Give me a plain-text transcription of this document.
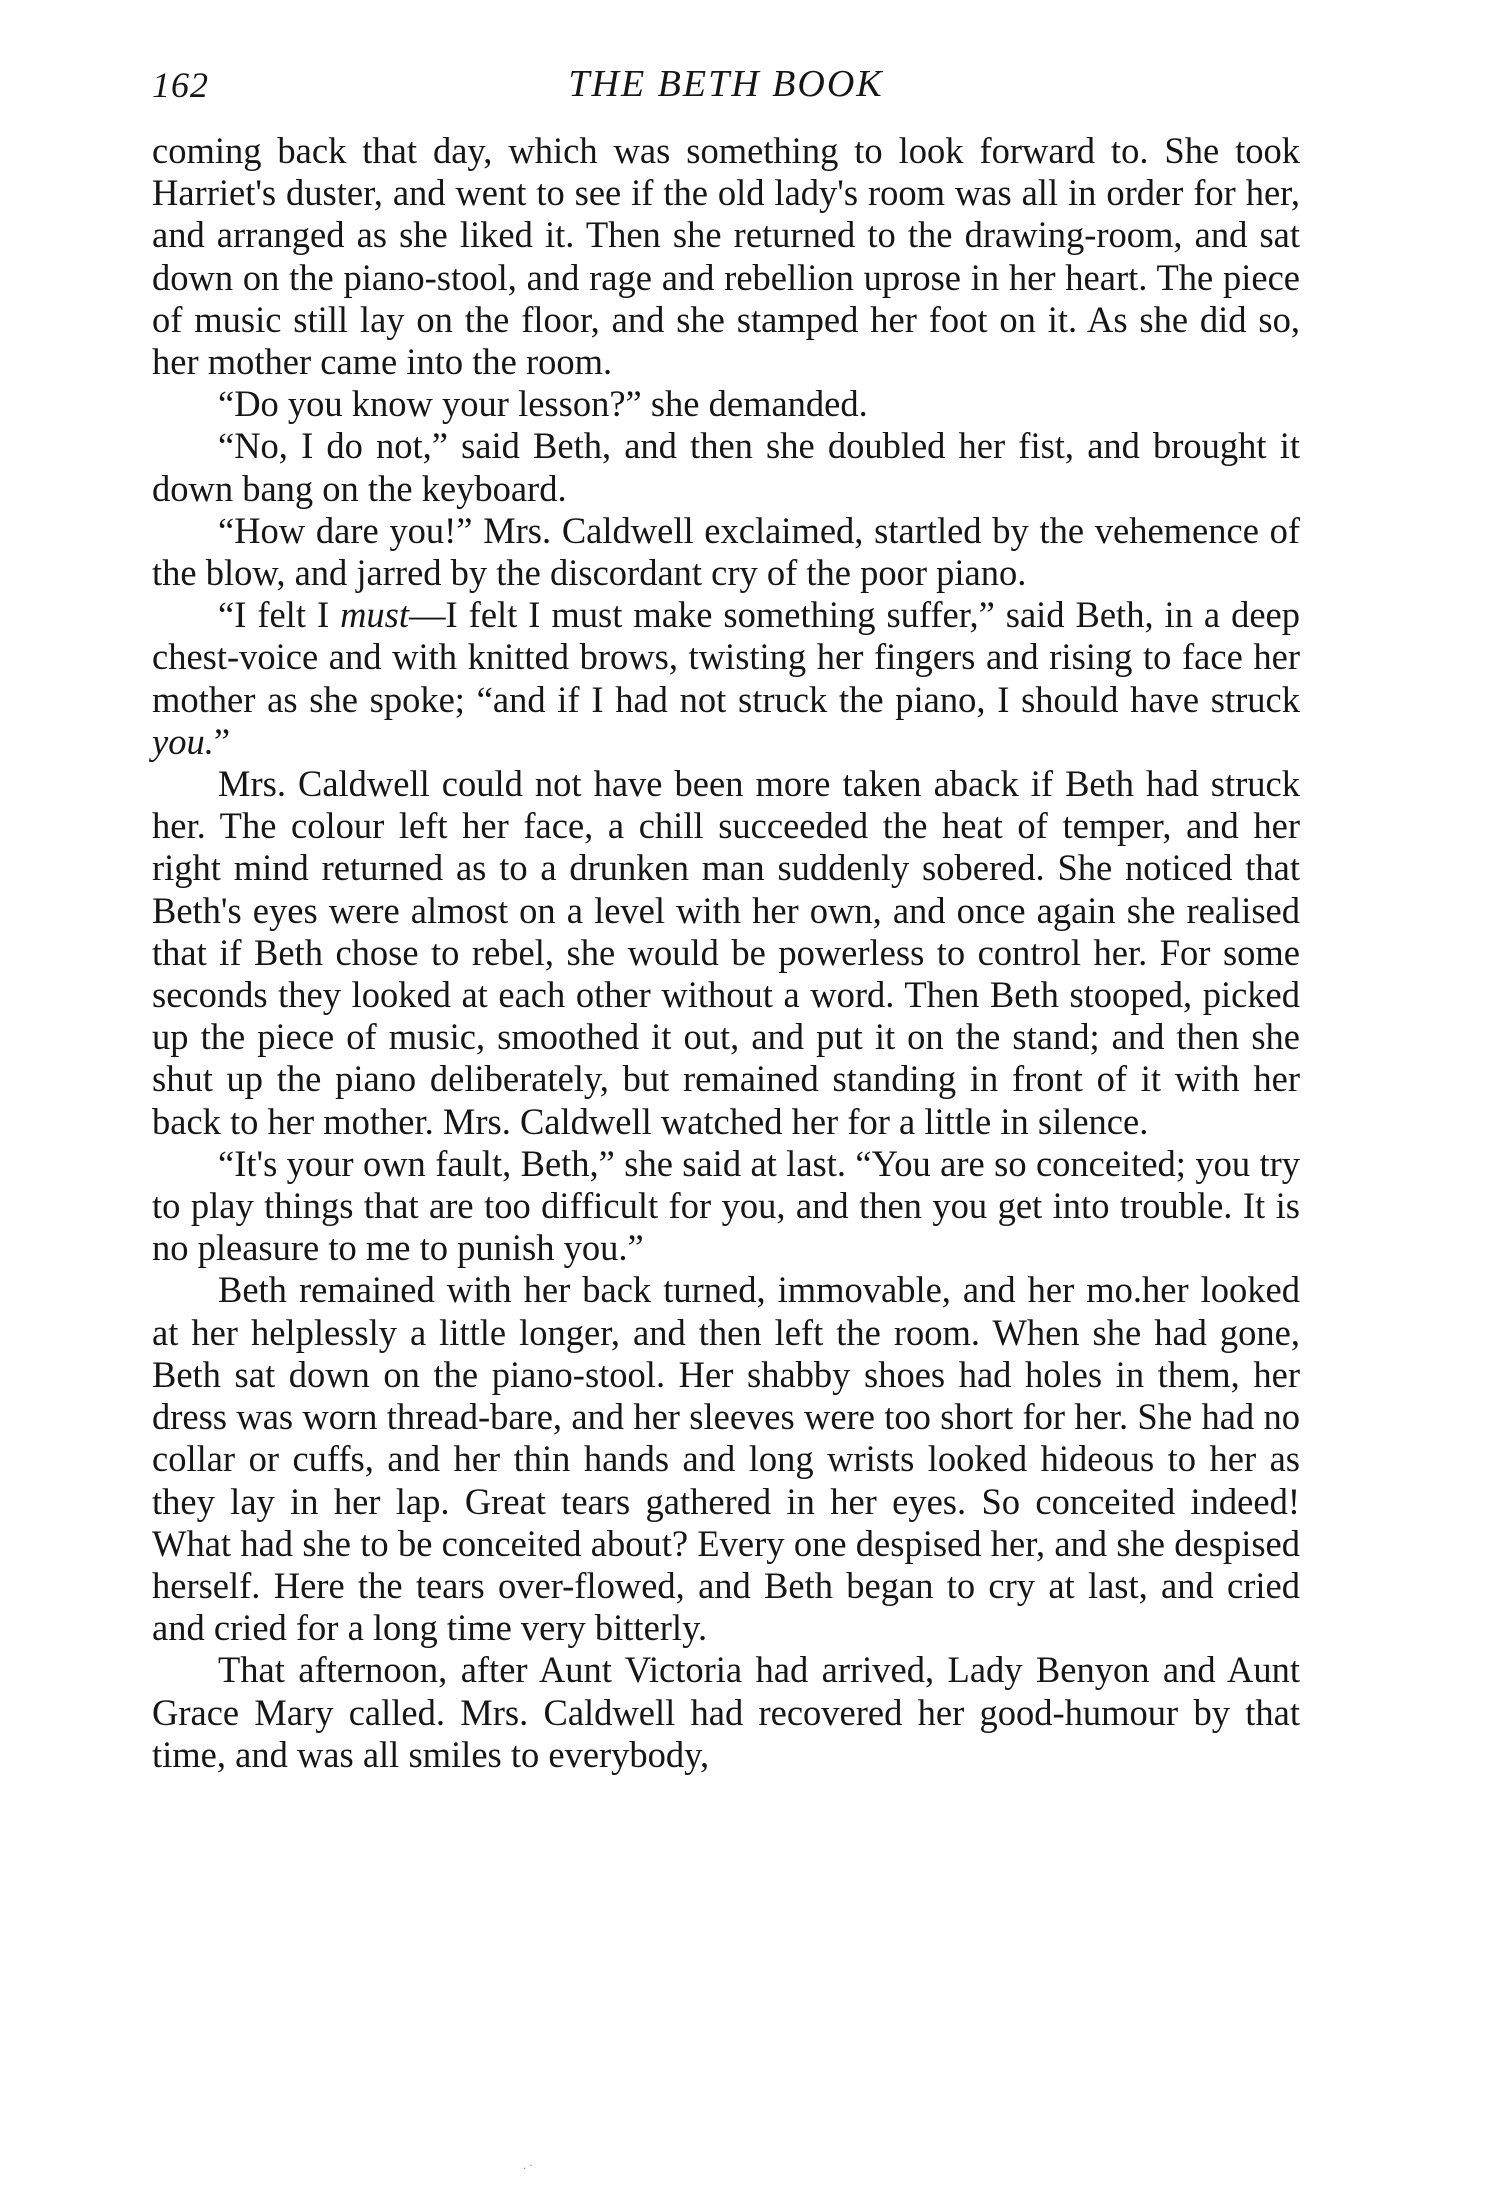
162	THE BETH BOOK

coming back that day, which was something to look forward to. She took Harriet's duster, and went to see if the old lady's room was all in order for her, and arranged as she liked it. Then she returned to the drawing-room, and sat down on the piano-stool, and rage and rebellion uprose in her heart. The piece of music still lay on the floor, and she stamped her foot on it. As she did so, her mother came into the room.

“Do you know your lesson?” she demanded.

“No, I do not,” said Beth, and then she doubled her fist, and brought it down bang on the keyboard.

“How dare you!” Mrs. Caldwell exclaimed, startled by the vehemence of the blow, and jarred by the discordant cry of the poor piano.

“I felt I must—I felt I must make something suffer,” said Beth, in a deep chest-voice and with knitted brows, twisting her fingers and rising to face her mother as she spoke; “and if I had not struck the piano, I should have struck you.”

Mrs. Caldwell could not have been more taken aback if Beth had struck her. The colour left her face, a chill succeeded the heat of temper, and her right mind returned as to a drunken man suddenly sobered. She noticed that Beth's eyes were almost on a level with her own, and once again she realised that if Beth chose to rebel, she would be powerless to control her. For some seconds they looked at each other without a word. Then Beth stooped, picked up the piece of music, smoothed it out, and put it on the stand; and then she shut up the piano deliberately, but remained standing in front of it with her back to her mother. Mrs. Caldwell watched her for a little in silence.

“It's your own fault, Beth,” she said at last. “You are so conceited; you try to play things that are too difficult for you, and then you get into trouble. It is no pleasure to me to punish you.”

Beth remained with her back turned, immovable, and her mo.her looked at her helplessly a little longer, and then left the room. When she had gone, Beth sat down on the piano-stool. Her shabby shoes had holes in them, her dress was worn thread-bare, and her sleeves were too short for her. She had no collar or cuffs, and her thin hands and long wrists looked hideous to her as they lay in her lap. Great tears gathered in her eyes. So conceited indeed! What had she to be conceited about? Every one despised her, and she despised herself. Here the tears over-flowed, and Beth began to cry at last, and cried and cried for a long time very bitterly.

That afternoon, after Aunt Victoria had arrived, Lady Benyon and Aunt Grace Mary called. Mrs. Caldwell had recovered her good-humour by that time, and was all smiles to everybody,

.·
